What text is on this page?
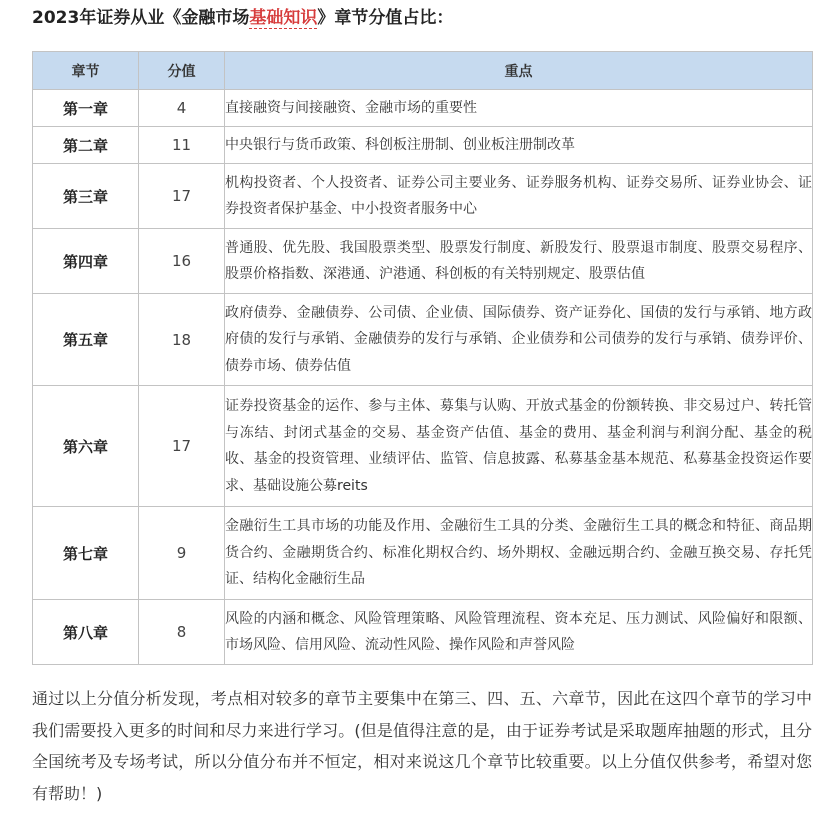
2023年证券从业《金融市场基础知识》章节分值占比：
章节	分值	重点
第一章	4	直接融资与间接融资、金融市场的重要性
第二章	11	中央银行与货币政策、科创板注册制、创业板注册制改革
第三章	17	机构投资者、个人投资者、证券公司主要业务、证券服务机构、证券交易所、证券业协会、证券投资者保护基金、中小投资者服务中心
第四章	16	普通股、优先股、我国股票类型、股票发行制度、新股发行、股票退市制度、股票交易程序、股票价格指数、深港通、沪港通、科创板的有关特别规定、股票估值
第五章	18	政府债券、金融债券、公司债、企业债、国际债券、资产证券化、国债的发行与承销、地方政府债的发行与承销、金融债券的发行与承销、企业债券和公司债券的发行与承销、债券评价、债券市场、债券估值
第六章	17	证券投资基金的运作、参与主体、募集与认购、开放式基金的份额转换、非交易过户、转托管与冻结、封闭式基金的交易、基金资产估值、基金的费用、基金利润与利润分配、基金的税收、基金的投资管理、业绩评估、监管、信息披露、私募基金基本规范、私募基金投资运作要求、基础设施公募reits
第七章	9	金融衍生工具市场的功能及作用、金融衍生工具的分类、金融衍生工具的概念和特征、商品期货合约、金融期货合约、标准化期权合约、场外期权、金融远期合约、金融互换交易、存托凭证、结构化金融衍生品
第八章	8	风险的内涵和概念、风险管理策略、风险管理流程、资本充足、压力测试、风险偏好和限额、市场风险、信用风险、流动性风险、操作风险和声誉风险

通过以上分值分析发现，考点相对较多的章节主要集中在第三、四、五、六章节，因此在这四个章节的学习中我们需要投入更多的时间和尽力来进行学习。(但是值得注意的是，由于证券考试是采取题库抽题的形式，且分全国统考及专场考试，所以分值分布并不恒定，相对来说这几个章节比较重要。以上分值仅供参考，希望对您有帮助！)
